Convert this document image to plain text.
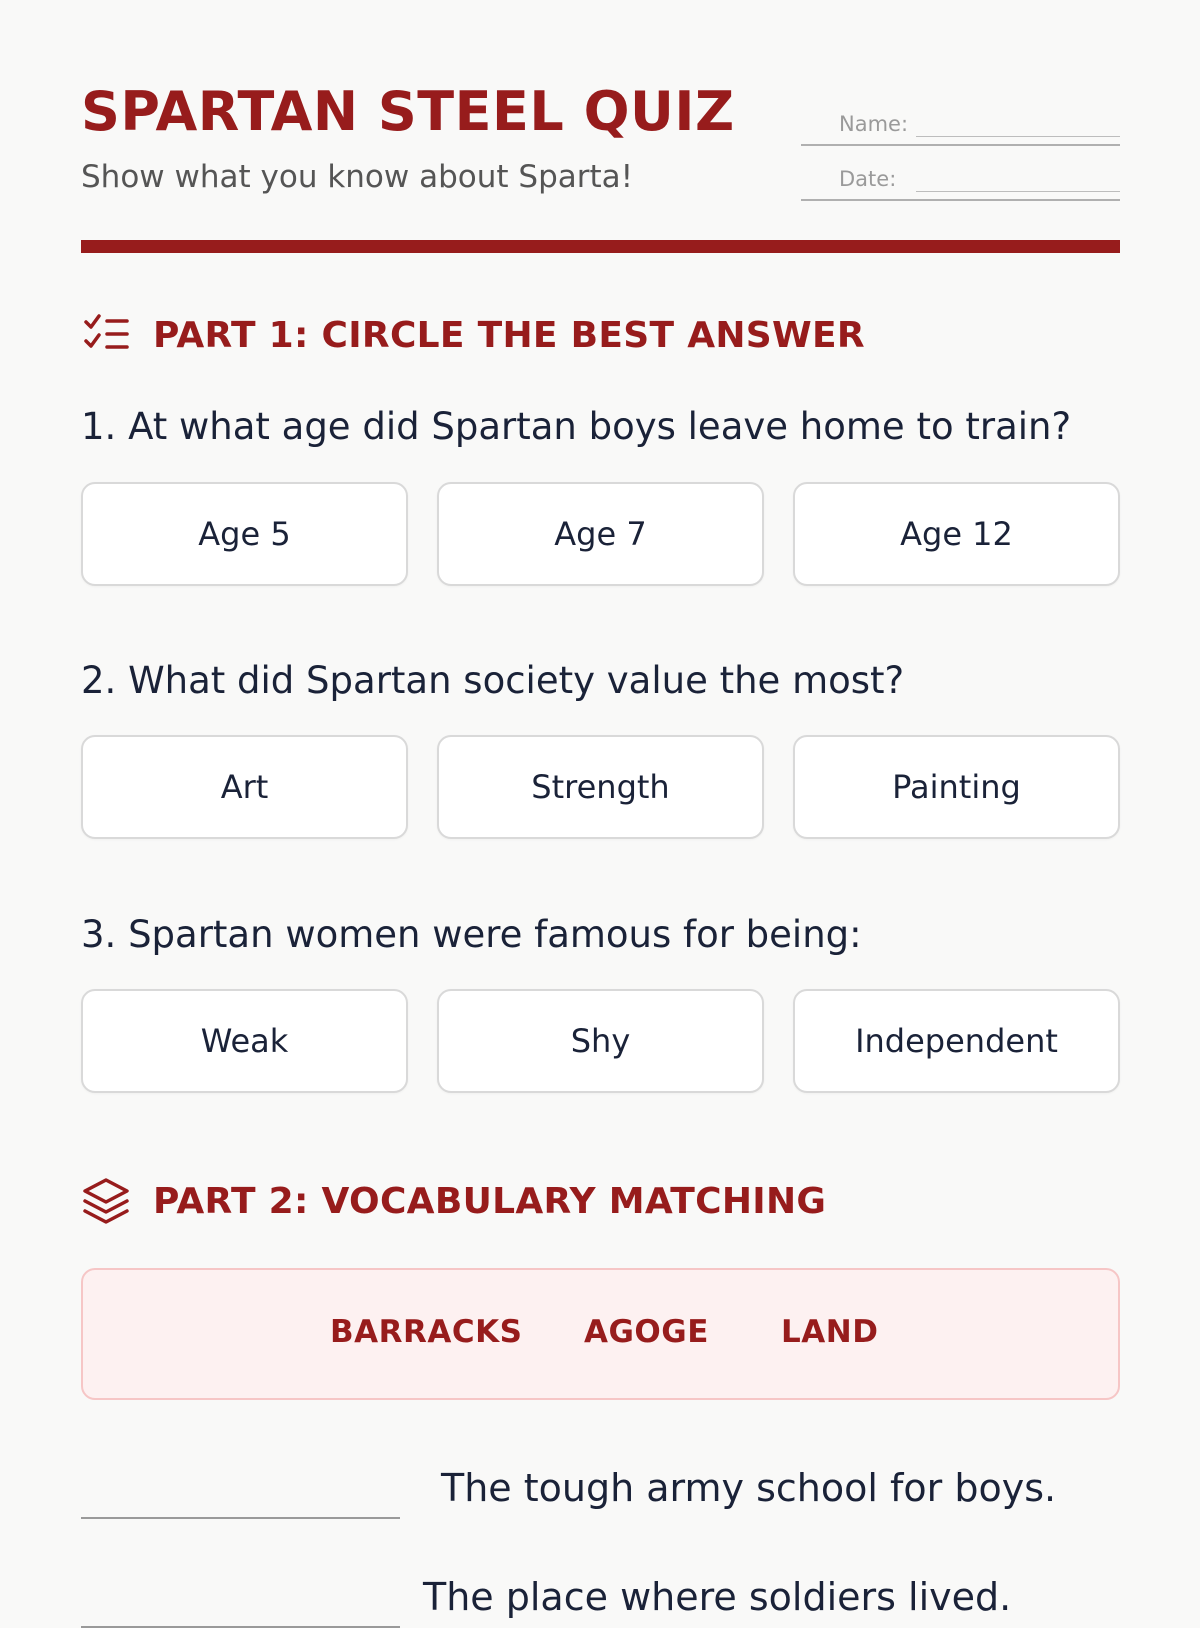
SPARTAN STEEL QUIZ
Show what you know about Sparta!
Name:
Date:
PART 1: CIRCLE THE BEST ANSWER
1. At what age did Spartan boys leave home to train?
Age 5	Age 7	Age 12
2. What did Spartan society value the most?
Art	Strength	Painting
3. Spartan women were famous for being:
Weak	Shy	Independent
PART 2: VOCABULARY MATCHING
BARRACKS AGOGE LAND
The tough army school for boys.
The place where soldiers lived.
